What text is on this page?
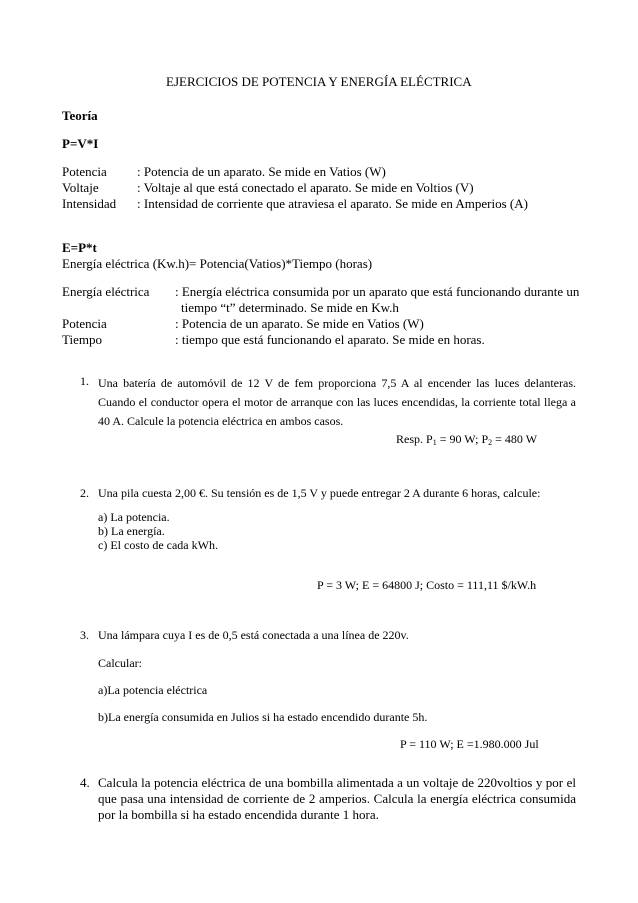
EJERCICIOS DE POTENCIA Y ENERGÍA ELÉCTRICA
Teoría
P=V*I
Potencia : Potencia de un aparato. Se mide en Vatios (W)
Voltaje	: Voltaje al que está conectado el aparato. Se mide en Voltios (V)
Intensidad : Intensidad de corriente que atraviesa el aparato. Se mide en Amperios (A)
E=P*t
Energía eléctrica (Kw.h)= Potencia(Vatios)*Tiempo (horas)
Energía eléctrica : Energía eléctrica consumida por un aparato que está funcionando durante un
tiempo “t” determinado. Se mide en Kw.h
Potencia	: Potencia de un aparato. Se mide en Vatios (W)
Tiempo	: tiempo que está funcionando el aparato. Se mide en horas.
1. Una batería de automóvil de 12 V de fem proporciona 7,5 A al encender las luces delanteras. Cuando el conductor opera el motor de arranque con las luces encendidas, la corriente total llega a 40 A. Calcule la potencia eléctrica en ambos casos.
Resp. $P_1 = 90$ W; $P_2 = 480$ W
2. Una pila cuesta 2,00 €. Su tensión es de 1,5 V y puede entregar 2 A durante 6 horas, calcule:
a) La potencia.
b) La energía.
c) El costo de cada kWh.
P = 3 W; E = 64800 J; Costo = 111,11 $/kW.h
3. Una lámpara cuya I es de 0,5 está conectada a una línea de 220v.
Calcular:
a)La potencia eléctrica
b)La energía consumida en Julios si ha estado encendido durante 5h.
P = 110 W; E =1.980.000 Jul
4. Calcula la potencia eléctrica de una bombilla alimentada a un voltaje de 220voltios y por el que pasa una intensidad de corriente de 2 amperios. Calcula la energía eléctrica consumida por la bombilla si ha estado encendida durante 1 hora.
